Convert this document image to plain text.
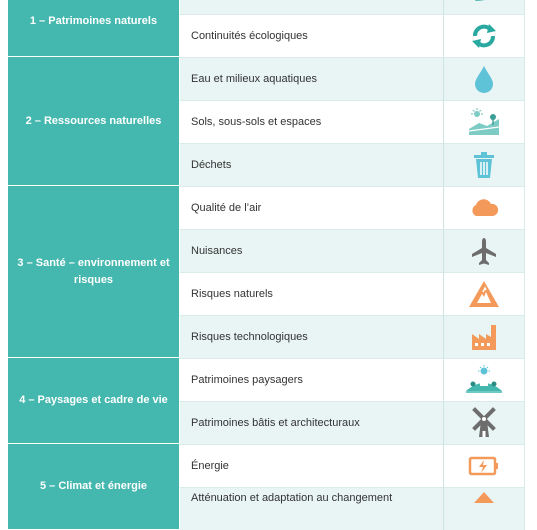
1 – Patrimoines naturels
2 – Ressources naturelles
3 – Santé – environnement et risques
4 – Paysages et cadre de vie
5 – Climat et énergie
Continuités écologiques
Eau et milieux aquatiques
Sols, sous-sols et espaces
Déchets
Qualité de l’air
Nuisances
Risques naturels
Risques technologiques
Patrimoines paysagers
Patrimoines bâtis et architecturaux
Énergie
Atténuation et adaptation au changement
